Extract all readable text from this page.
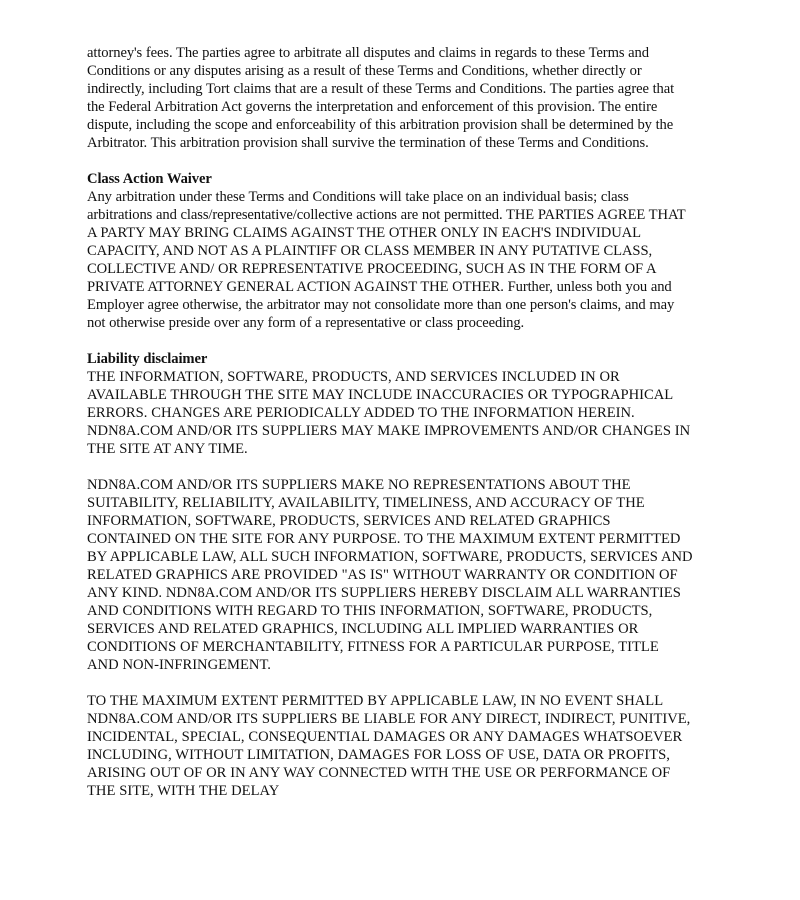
attorney's fees. The parties agree to arbitrate all disputes and claims in regards to these Terms and Conditions or any disputes arising as a result of these Terms and Conditions, whether directly or indirectly, including Tort claims that are a result of these Terms and Conditions. The parties agree that the Federal Arbitration Act governs the interpretation and enforcement of this provision. The entire dispute, including the scope and enforceability of this arbitration provision shall be determined by the Arbitrator. This arbitration provision shall survive the termination of these Terms and Conditions.

Class Action Waiver

Any arbitration under these Terms and Conditions will take place on an individual basis; class arbitrations and class/representative/collective actions are not permitted. THE PARTIES AGREE THAT A PARTY MAY BRING CLAIMS AGAINST THE OTHER ONLY IN EACH'S INDIVIDUAL CAPACITY, AND NOT AS A PLAINTIFF OR CLASS MEMBER IN ANY PUTATIVE CLASS, COLLECTIVE AND/ OR REPRESENTATIVE PROCEEDING, SUCH AS IN THE FORM OF A PRIVATE ATTORNEY GENERAL ACTION AGAINST THE OTHER. Further, unless both you and Employer agree otherwise, the arbitrator may not consolidate more than one person's claims, and may not otherwise preside over any form of a representative or class proceeding.

Liability disclaimer

THE INFORMATION, SOFTWARE, PRODUCTS, AND SERVICES INCLUDED IN OR AVAILABLE THROUGH THE SITE MAY INCLUDE INACCURACIES OR TYPOGRAPHICAL ERRORS. CHANGES ARE PERIODICALLY ADDED TO THE INFORMATION HEREIN. NDN8A.COM AND/OR ITS SUPPLIERS MAY MAKE IMPROVEMENTS AND/OR CHANGES IN THE SITE AT ANY TIME.

NDN8A.COM AND/OR ITS SUPPLIERS MAKE NO REPRESENTATIONS ABOUT THE SUITABILITY, RELIABILITY, AVAILABILITY, TIMELINESS, AND ACCURACY OF THE INFORMATION, SOFTWARE, PRODUCTS, SERVICES AND RELATED GRAPHICS CONTAINED ON THE SITE FOR ANY PURPOSE. TO THE MAXIMUM EXTENT PERMITTED BY APPLICABLE LAW, ALL SUCH INFORMATION, SOFTWARE, PRODUCTS, SERVICES AND RELATED GRAPHICS ARE PROVIDED "AS IS" WITHOUT WARRANTY OR CONDITION OF ANY KIND. NDN8A.COM AND/OR ITS SUPPLIERS HEREBY DISCLAIM ALL WARRANTIES AND CONDITIONS WITH REGARD TO THIS INFORMATION, SOFTWARE, PRODUCTS, SERVICES AND RELATED GRAPHICS, INCLUDING ALL IMPLIED WARRANTIES OR CONDITIONS OF MERCHANTABILITY, FITNESS FOR A PARTICULAR PURPOSE, TITLE AND NON-INFRINGEMENT.

TO THE MAXIMUM EXTENT PERMITTED BY APPLICABLE LAW, IN NO EVENT SHALL NDN8A.COM AND/OR ITS SUPPLIERS BE LIABLE FOR ANY DIRECT, INDIRECT, PUNITIVE, INCIDENTAL, SPECIAL, CONSEQUENTIAL DAMAGES OR ANY DAMAGES WHATSOEVER INCLUDING, WITHOUT LIMITATION, DAMAGES FOR LOSS OF USE, DATA OR PROFITS, ARISING OUT OF OR IN ANY WAY CONNECTED WITH THE USE OR PERFORMANCE OF THE SITE, WITH THE DELAY
